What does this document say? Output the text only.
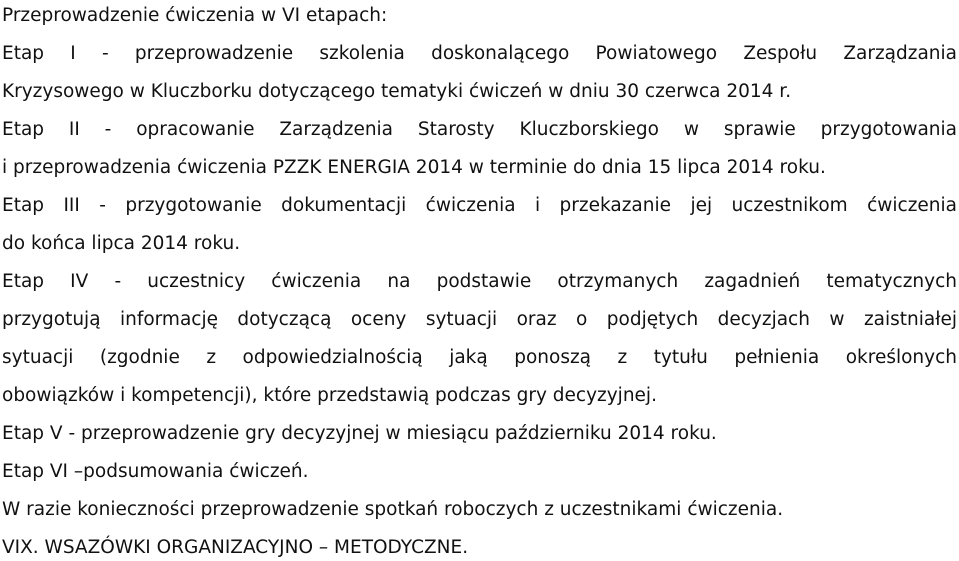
Przeprowadzenie ćwiczenia w VI etapach:
Etap I - przeprowadzenie szkolenia doskonalącego Powiatowego Zespołu Zarządzania
Kryzysowego w Kluczborku dotyczącego tematyki ćwiczeń w dniu 30 czerwca 2014 r.
Etap II - opracowanie Zarządzenia Starosty Kluczborskiego w sprawie przygotowania
i przeprowadzenia ćwiczenia PZZK ENERGIA 2014 w terminie do dnia 15 lipca 2014 roku.
Etap III - przygotowanie dokumentacji ćwiczenia i przekazanie jej uczestnikom ćwiczenia
do końca lipca 2014 roku.
Etap IV - uczestnicy ćwiczenia na podstawie otrzymanych zagadnień tematycznych
przygotują informację dotyczącą oceny sytuacji oraz o podjętych decyzjach w zaistniałej
sytuacji (zgodnie z odpowiedzialnością jaką ponoszą z tytułu pełnienia określonych
obowiązków i kompetencji), które przedstawią podczas gry decyzyjnej.
Etap V - przeprowadzenie gry decyzyjnej w miesiącu październiku 2014 roku.
Etap VI –podsumowania ćwiczeń.
W razie konieczności przeprowadzenie spotkań roboczych z uczestnikami ćwiczenia.
VIX. WSAZÓWKI ORGANIZACYJNO – METODYCZNE.
